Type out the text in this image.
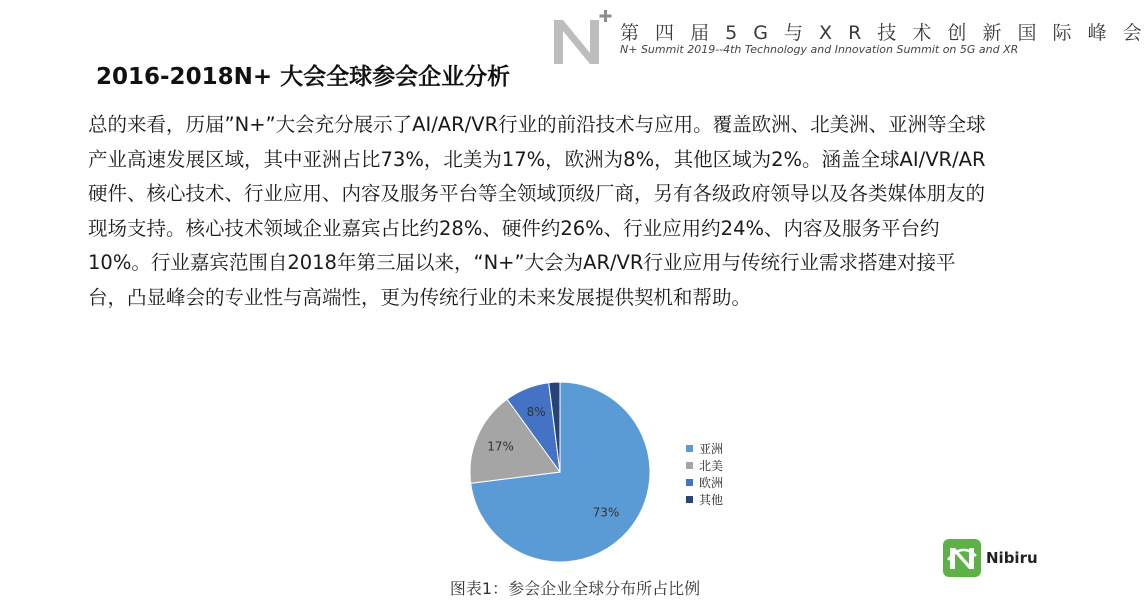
第 四 届 5 G 与 X R 技 术 创 新 国 际 峰 会
N+ Summit 2019--4th Technology and Innovation Summit on 5G and XR
2016-2018N+ 大会全球参会企业分析
总的来看，历届”N+”大会充分展示了AI/AR/VR行业的前沿技术与应用。覆盖欧洲、北美洲、亚洲等全球产业高速发展区域，其中亚洲占比73%，北美为17%，欧洲为8%，其他区域为2%。涵盖全球AI/VR/AR硬件、核心技术、行业应用、内容及服务平台等全领域顶级厂商，另有各级政府领导以及各类媒体朋友的现场支持。核心技术领域企业嘉宾占比约28%、硬件约26%、行业应用约24%、内容及服务平台约10%。行业嘉宾范围自2018年第三届以来，“N+”大会为AR/VR行业应用与传统行业需求搭建对接平台，凸显峰会的专业性与高端性，更为传统行业的未来发展提供契机和帮助。
73%
17%
8%
亚洲
北美
欧洲
其他
图表1：参会企业全球分布所占比例
Nibiru
